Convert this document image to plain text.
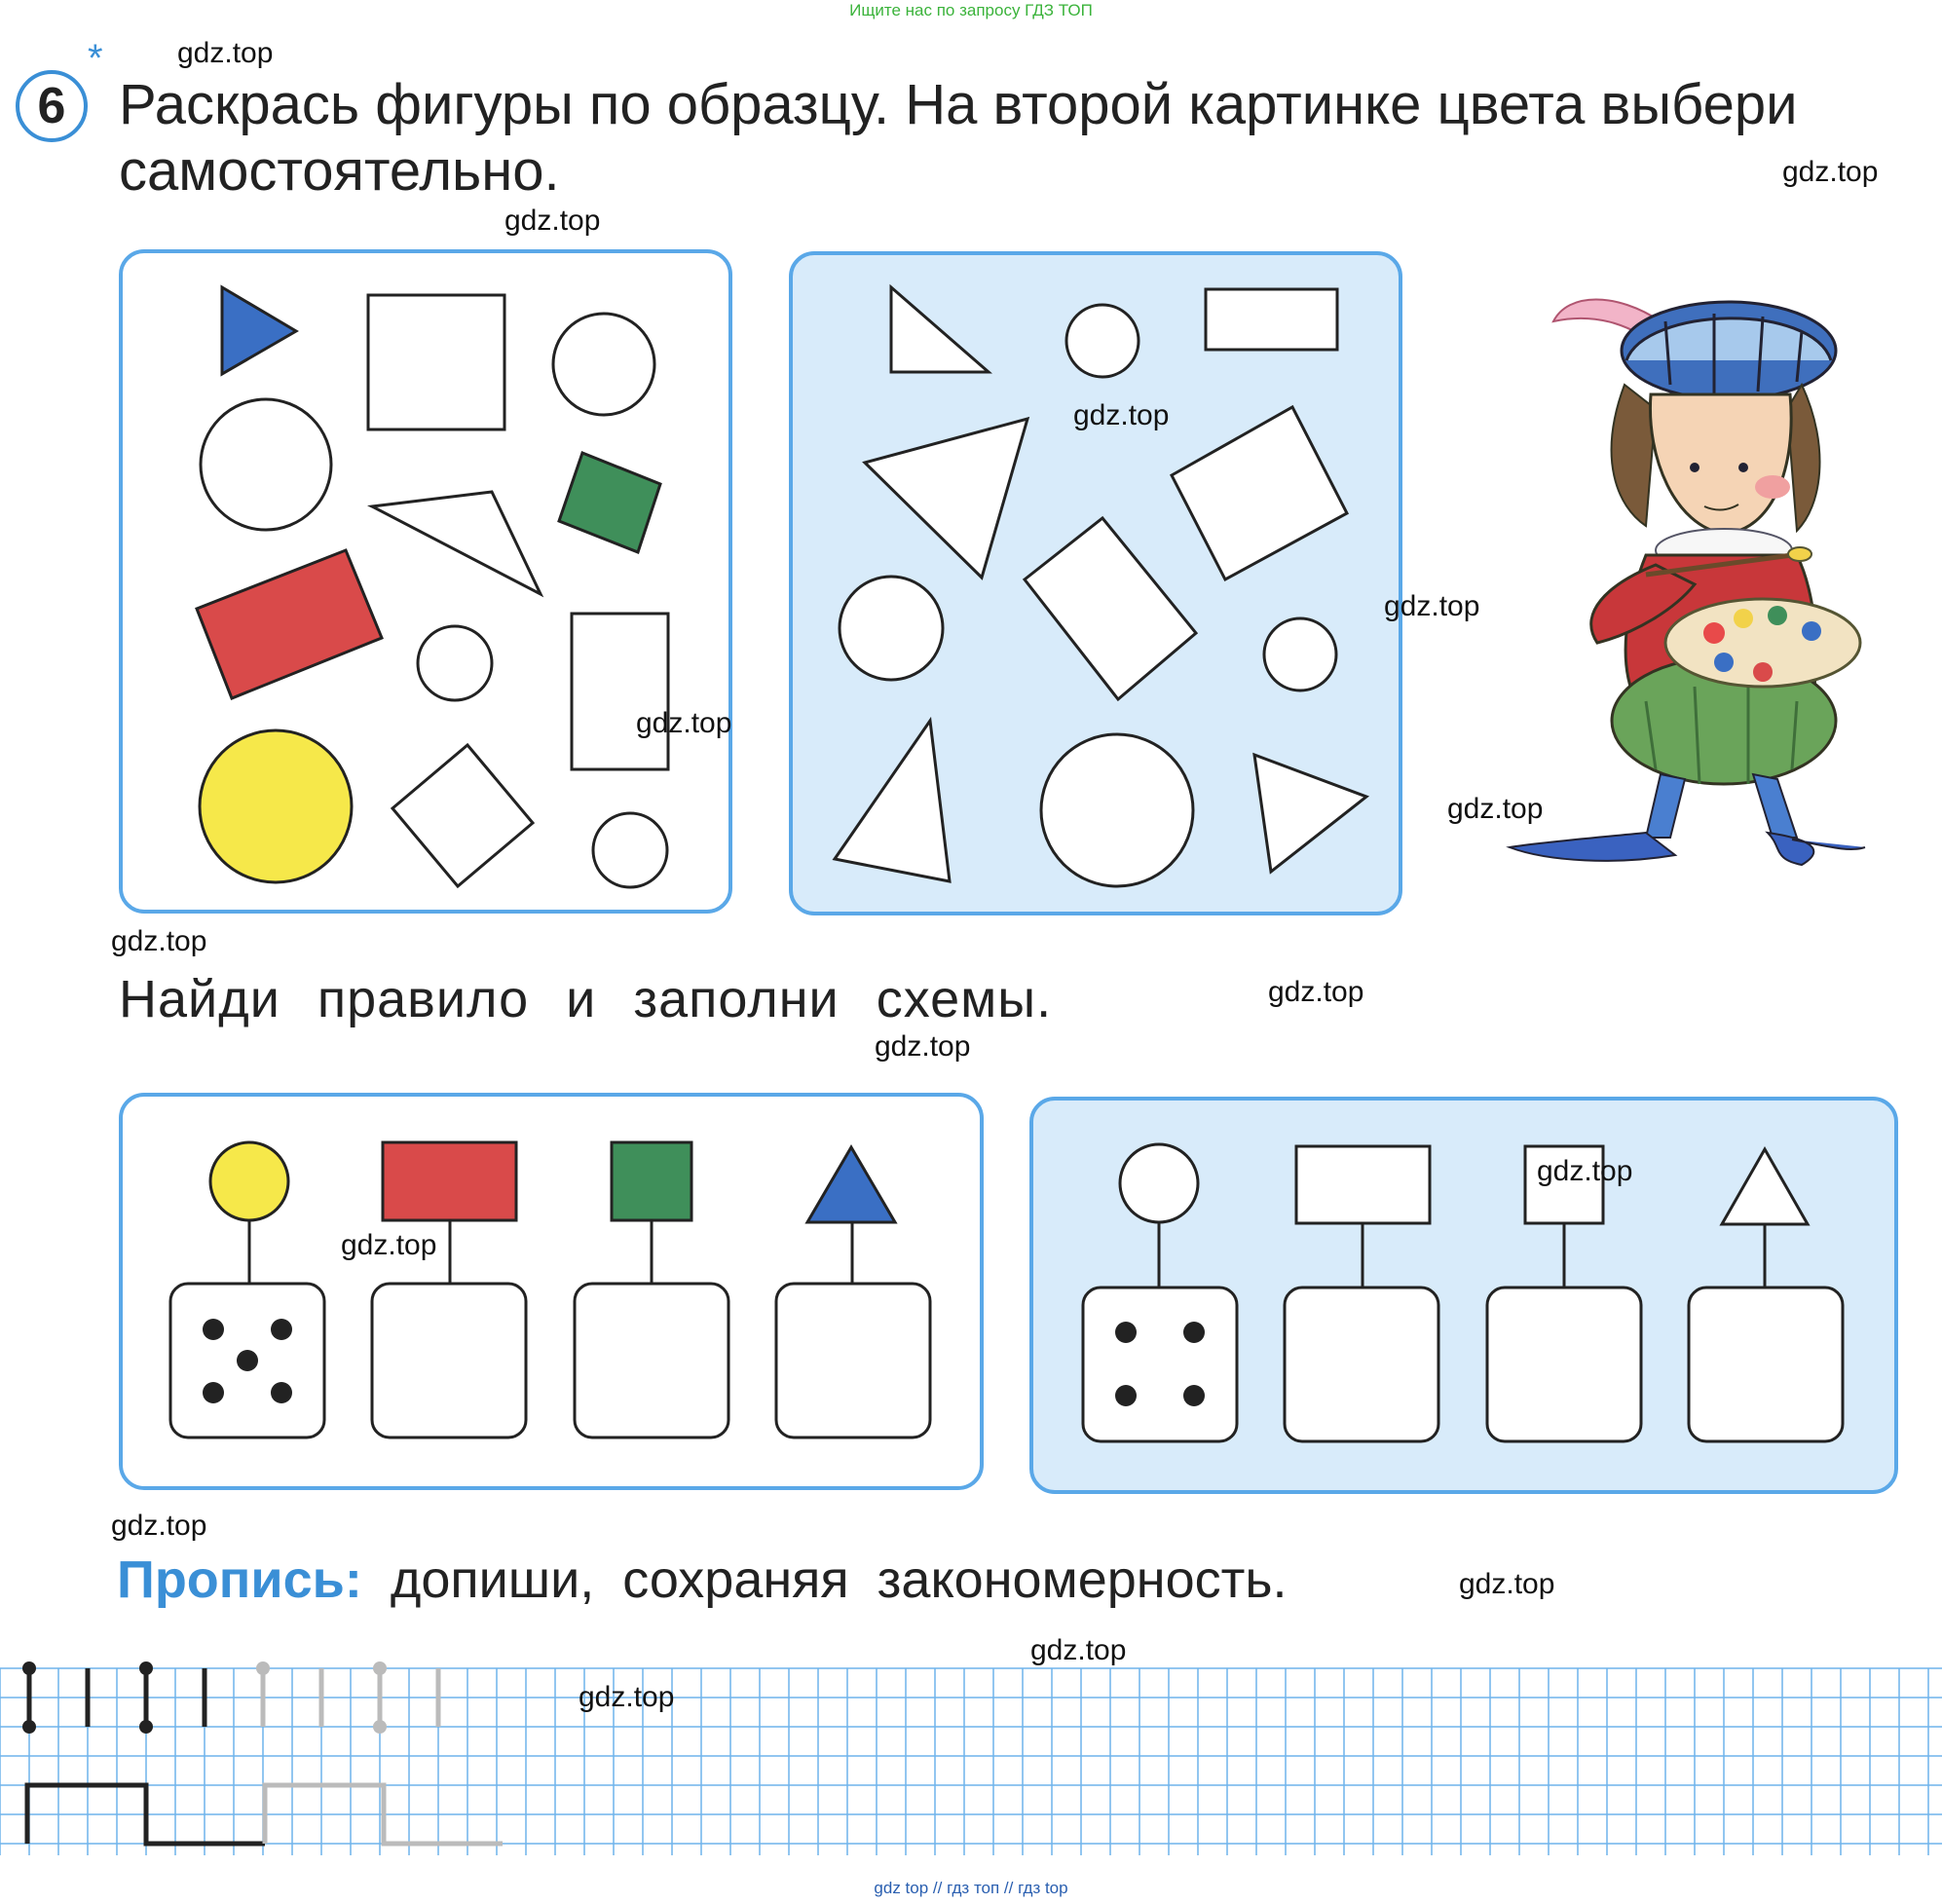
Ищите нас по запросу ГДЗ ТОП
gdz top // гдз топ // гдз top
6
*
Раскрась фигуры по образцу. На второй картинке цвета выбери самостоятельно.
Найди правило и заполни схемы.
Пропись: допиши, сохраняя закономерность.
gdz.top
gdz.top
gdz.top
gdz.top
gdz.top
gdz.top
gdz.top
gdz.top
gdz.top
gdz.top
gdz.top
gdz.top
gdz.top
gdz.top
gdz.top
gdz.top
